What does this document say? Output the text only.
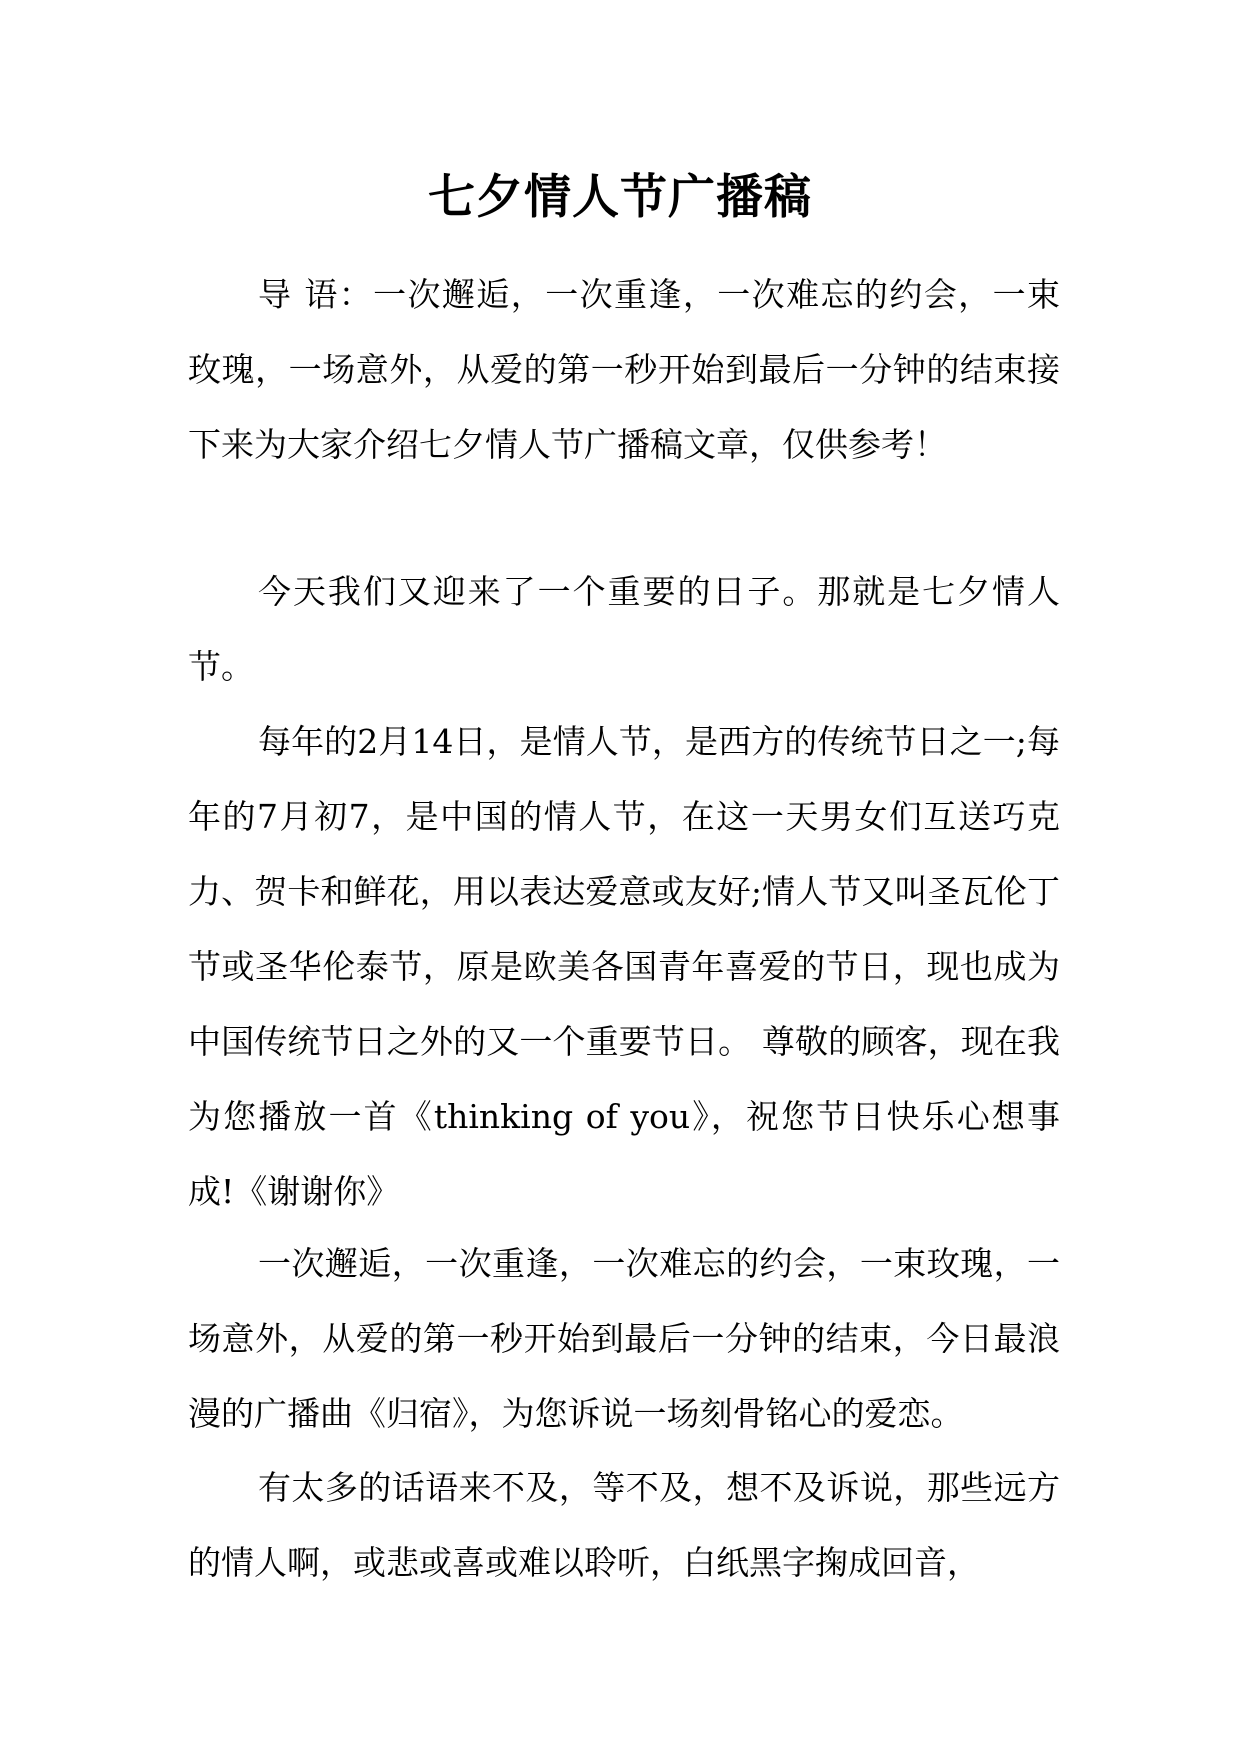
七夕情人节广播稿

导 语：一次邂逅，一次重逢，一次难忘的约会，一束玫瑰，一场意外，从爱的第一秒开始到最后一分钟的结束接下来为大家介绍七夕情人节广播稿文章，仅供参考！

今天我们又迎来了一个重要的日子。那就是七夕情人节。

每年的2月14日，是情人节，是西方的传统节日之一;每年的7月初7，是中国的情人节，在这一天男女们互送巧克力、贺卡和鲜花，用以表达爱意或友好;情人节又叫圣瓦伦丁节或圣华伦泰节，原是欧美各国青年喜爱的节日，现也成为中国传统节日之外的又一个重要节日。 尊敬的顾客，现在我为您播放一首《thinking of you》，祝您节日快乐心想事成!《谢谢你》

一次邂逅，一次重逢，一次难忘的约会，一束玫瑰，一场意外，从爱的第一秒开始到最后一分钟的结束，今日最浪漫的广播曲《归宿》，为您诉说一场刻骨铭心的爱恋。

有太多的话语来不及，等不及，想不及诉说，那些远方的情人啊，或悲或喜或难以聆听，白纸黑字掬成回音，
